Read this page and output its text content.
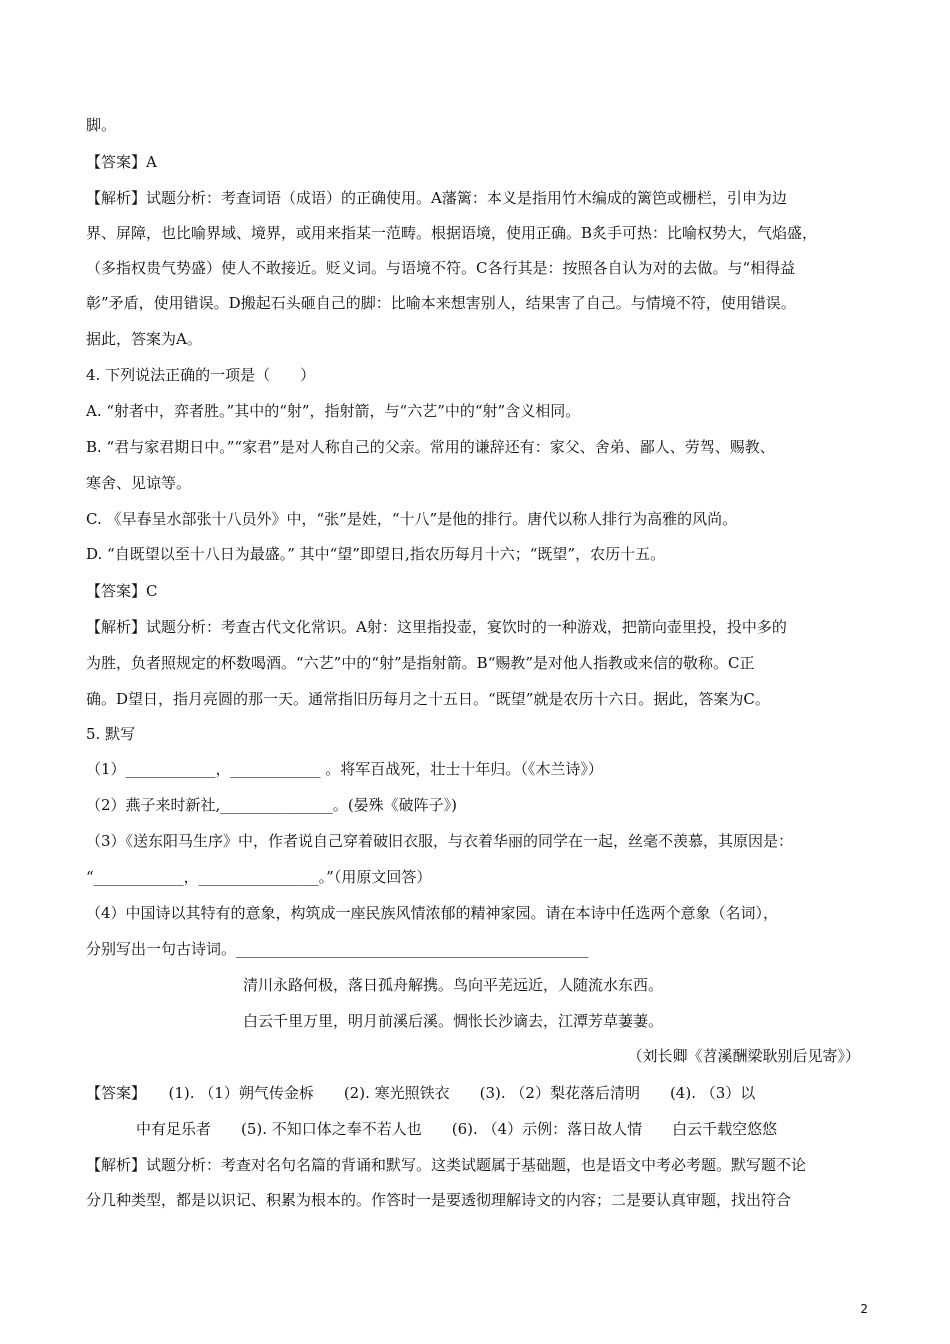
脚。
【答案】A
【解析】试题分析：考查词语（成语）的正确使用。A藩篱：本义是指用竹木编成的篱笆或栅栏，引申为边
界、屏障，也比喻界域、境界，或用来指某一范畴。根据语境，使用正确。B炙手可热：比喻权势大，气焰盛，
（多指权贵气势盛）使人不敢接近。贬义词。与语境不符。C各行其是：按照各自认为对的去做。与“相得益
彰”矛盾，使用错误。D搬起石头砸自己的脚：比喻本来想害别人，结果害了自己。与情境不符，使用错误。
据此，答案为A。
4. 下列说法正确的一项是（　　）
A. “射者中，弈者胜。”其中的“射”，指射箭，与“六艺”中的“射”含义相同。
B. “君与家君期日中。”“家君”是对人称自己的父亲。常用的谦辞还有：家父、舍弟、鄙人、劳驾、赐教、
寒舍、见谅等。
C. 《早春呈水部张十八员外》中，“张”是姓，“十八”是他的排行。唐代以称人排行为高雅的风尚。
D. “自既望以至十八日为最盛。” 其中“望”即望日,指农历每月十六；“既望”，农历十五。
【答案】C
【解析】试题分析：考查古代文化常识。A射：这里指投壶，宴饮时的一种游戏，把箭向壶里投，投中多的
为胜，负者照规定的杯数喝酒。“六艺”中的“射”是指射箭。B“赐教”是对他人指教或来信的敬称。C正
确。D望日，指月亮圆的那一天。通常指旧历每月之十五日。“既望”就是农历十六日。据此，答案为C。
5. 默写
（1）____________，____________ 。将军百战死，壮士十年归。（《木兰诗》）
（2）燕子来时新社,_______________。(晏殊《破阵子》)
（3）《送东阳马生序》中，作者说自己穿着破旧衣服，与衣着华丽的同学在一起，丝毫不羡慕，其原因是：
“____________，________________。”（用原文回答）
（4）中国诗以其特有的意象，构筑成一座民族风情浓郁的精神家园。请在本诗中任选两个意象（名词），
分别写出一句古诗词。_______________________________________________
清川永路何极，落日孤舟解携。鸟向平芜远近，人随流水东西。
白云千里万里，明月前溪后溪。惆怅长沙谪去，江潭芳草萋萋。
（刘长卿《苕溪酬梁耿别后见寄》）
【答案】　　(1). （1）朔气传金柝　　(2). 寒光照铁衣　　(3). （2）梨花落后清明　　(4). （3）以
中有足乐者　　(5). 不知口体之奉不若人也　　(6). （4）示例：落日故人情　　白云千载空悠悠
【解析】试题分析：考查对名句名篇的背诵和默写。这类试题属于基础题，也是语文中考必考题。默写题不论
分几种类型，都是以识记、积累为根本的。作答时一是要透彻理解诗文的内容；二是要认真审题，找出符合
2
